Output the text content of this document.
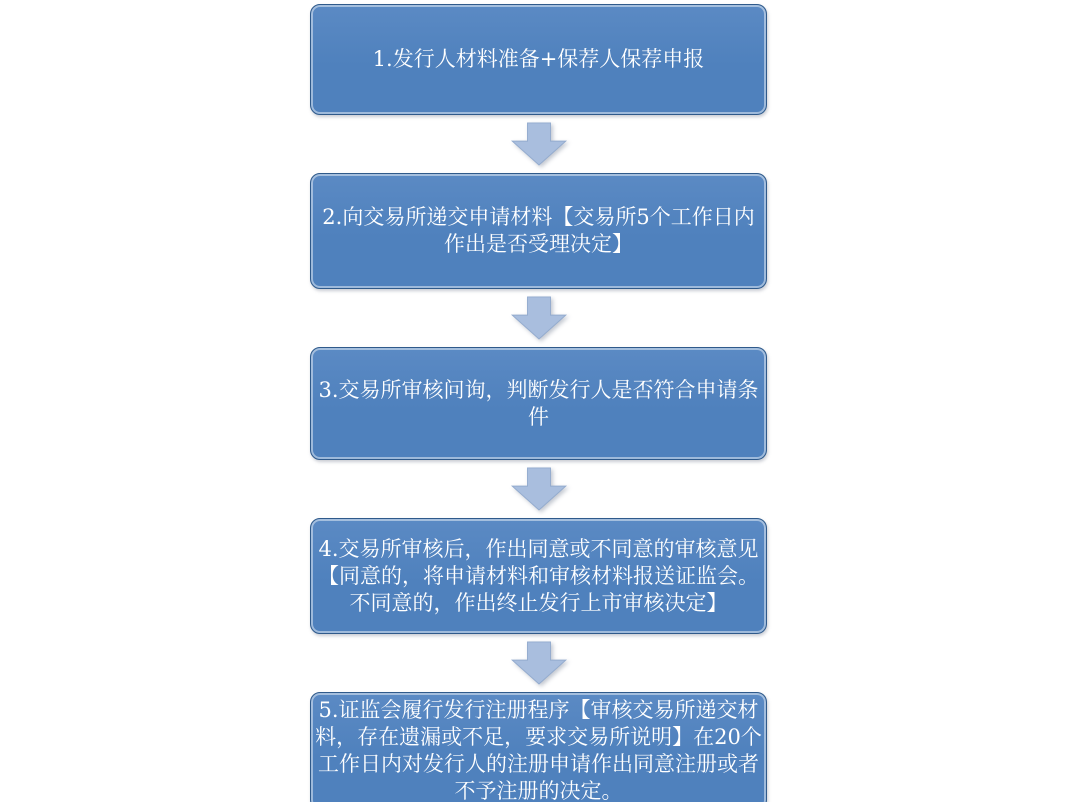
1.发行人材料准备+保荐人保荐申报
2.向交易所递交申请材料【交易所5个工作日内作出是否受理决定】
3.交易所审核问询，判断发行人是否符合申请条件
4.交易所审核后，作出同意或不同意的审核意见【同意的，将申请材料和审核材料报送证监会。不同意的，作出终止发行上市审核决定】
5.证监会履行发行注册程序【审核交易所递交材料，存在遗漏或不足，要求交易所说明】在20个工作日内对发行人的注册申请作出同意注册或者不予注册的决定。
